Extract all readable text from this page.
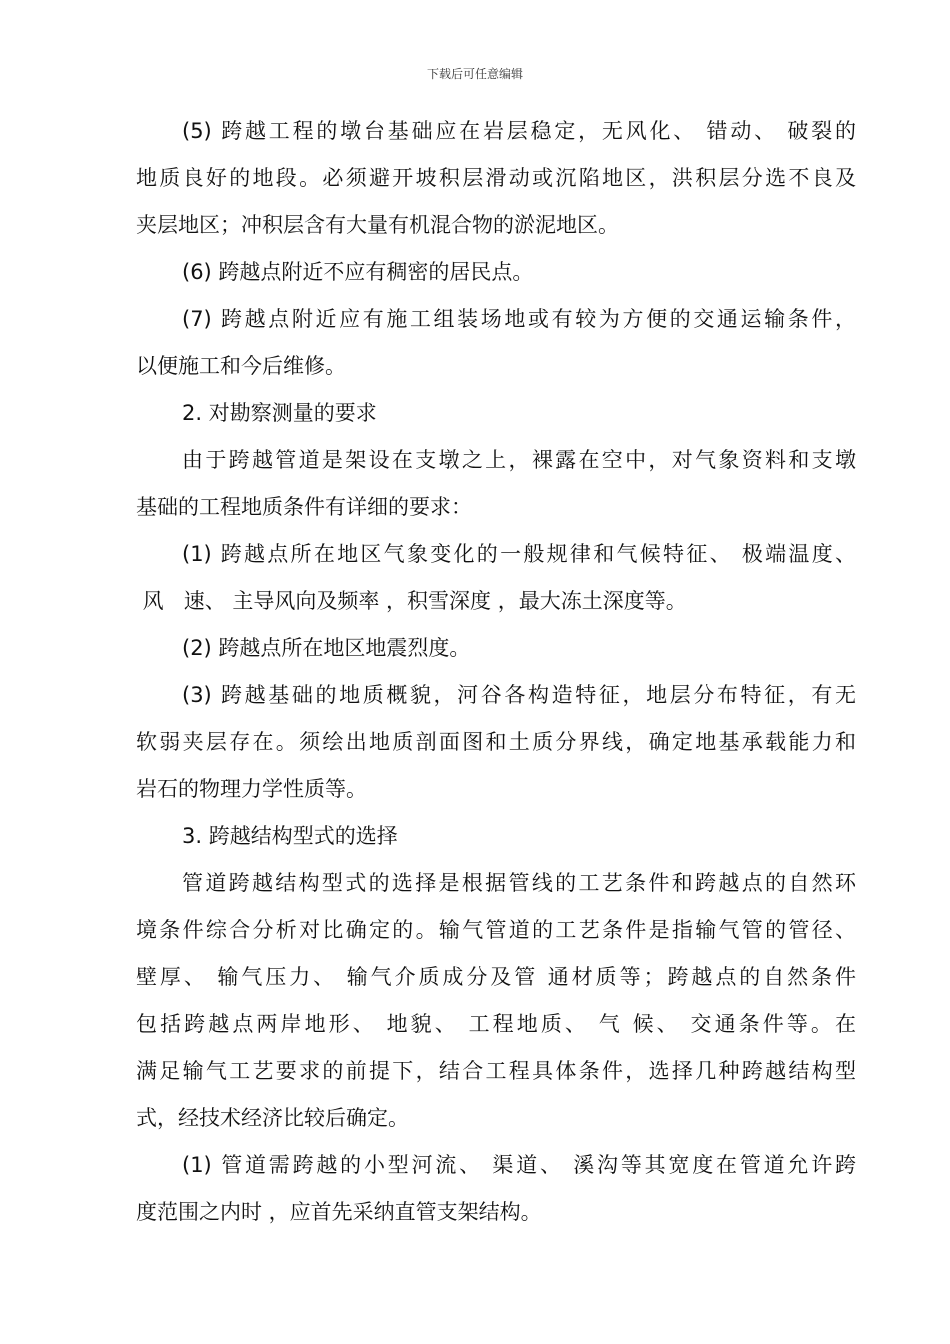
下载后可任意编辑
(5) 跨越工程的墩台基础应在岩层稳定，无风化、 错动、 破裂的
地质良好的地段。必须避开坡积层滑动或沉陷地区，洪积层分选不良及
夹层地区；冲积层含有大量有机混合物的淤泥地区。
(6) 跨越点附近不应有稠密的居民点。
(7) 跨越点附近应有施工组装场地或有较为方便的交通运输条件，
以便施工和今后维修。
2. 对勘察测量的要求
由于跨越管道是架设在支墩之上，裸露在空中，对气象资料和支墩
基础的工程地质条件有详细的要求：
(1) 跨越点所在地区气象变化的一般规律和气候特征、 极端温度、
风   速、 主导风向及频率 ，积雪深度 ，最大冻土深度等。
(2) 跨越点所在地区地震烈度。
(3) 跨越基础的地质概貌，河谷各构造特征，地层分布特征，有无
软弱夹层存在。须绘出地质剖面图和土质分界线，确定地基承载能力和
岩石的物理力学性质等。
3. 跨越结构型式的选择
管道跨越结构型式的选择是根据管线的工艺条件和跨越点的自然环
境条件综合分析对比确定的。输气管道的工艺条件是指输气管的管径、
壁厚、 输气压力、 输气介质成分及管 通材质等；跨越点的自然条件
包括跨越点两岸地形、 地貌、 工程地质、 气 候、 交通条件等。在
满足输气工艺要求的前提下，结合工程具体条件，选择几种跨越结构型
式，经技术经济比较后确定。
(1) 管道需跨越的小型河流、 渠道、 溪沟等其宽度在管道允许跨
度范围之内时 ，应首先采纳直管支架结构。
